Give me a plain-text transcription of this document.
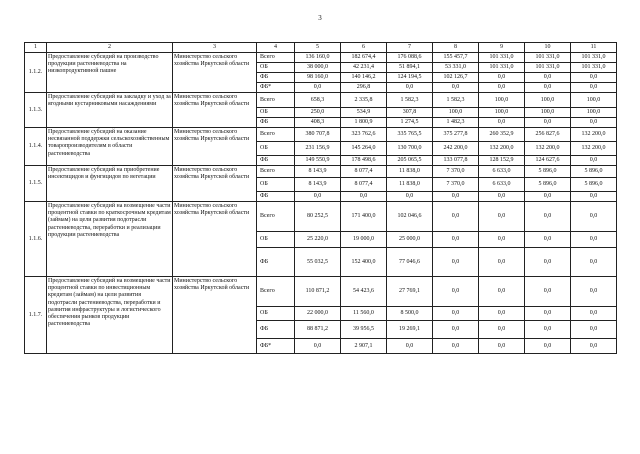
3
1	2	3	4	5	6	7	8	9	10	11
1.1.2.	Предоставление субсидий на производство продукции растениеводства на низкопродуктивной пашне	Министерство сельского хозяйства Иркутской области	Всего	136 160,0	182 674,4	176 088,6	155 457,7	101 331,0	101 331,0	101 331,0
			ОБ	38 000,0	42 231,4	51 894,1	53 331,0	101 331,0	101 331,0	101 331,0
			ФБ	98 160,0	140 146,2	124 194,5	102 126,7	0,0	0,0	0,0
			ФБ*	0,0	296,8	0,0	0,0	0,0	0,0	0,0
1.1.3.	Предоставление субсидий на закладку и уход за ягодными кустарниковыми насаждениями	Министерство сельского хозяйства Иркутской области	Всего	658,3	2 335,8	1 582,3	1 582,3	100,0	100,0	100,0
			ОБ	250,0	534,9	307,8	100,0	100,0	100,0	100,0
			ФБ	408,3	1 800,9	1 274,5	1 482,3	0,0	0,0	0,0
1.1.4.	Предоставление субсидий на оказание несвязанной поддержки сельскохозяйственным товаропроизводителям в области растениеводства	Министерство сельского хозяйства Иркутской области	Всего	380 707,8	323 762,6	335 765,5	375 277,8	260 352,9	256 827,6	132 200,0
			ОБ	231 156,9	145 264,0	130 700,0	242 200,0	132 200,0	132 200,0	132 200,0
			ФБ	149 550,9	178 498,6	205 065,5	133 077,8	128 152,9	124 627,6	0,0
1.1.5.	Предоставление субсидий на приобретение инсектицидов и фунгицидов по вегетации	Министерство сельского хозяйства Иркутской области	Всего	8 143,9	8 077,4	11 838,0	7 370,0	6 633,0	5 896,0	5 896,0
			ОБ	8 143,9	8 077,4	11 838,0	7 370,0	6 633,0	5 896,0	5 896,0
			ФБ	0,0	0,0	0,0	0,0	0,0	0,0	0,0
1.1.6.	Предоставление субсидий на возмещение части процентной ставки по краткосрочным кредитам (займам) на цели развития подотрасли растениеводства, переработки и реализации продукции растениеводства	Министерство сельского хозяйства Иркутской области	Всего	80 252,5	171 400,0	102 046,6	0,0	0,0	0,0	0,0
			ОБ	25 220,0	19 000,0	25 000,0	0,0	0,0	0,0	0,0
			ФБ	55 032,5	152 400,0	77 046,6	0,0	0,0	0,0	0,0
1.1.7.	Предоставление субсидий на возмещение части процентной ставки по инвестиционным кредитам (займам) на цели развития подотрасли растениеводства, переработки и развития инфраструктуры и логистического обеспечения рынков продукции растениеводства	Министерство сельского хозяйства Иркутской области	Всего	110 871,2	54 423,6	27 769,1	0,0	0,0	0,0	0,0
			ОБ	22 000,0	11 560,0	8 500,0	0,0	0,0	0,0	0,0
			ФБ	88 871,2	39 956,5	19 269,1	0,0	0,0	0,0	0,0
			ФБ*	0,0	2 907,1	0,0	0,0	0,0	0,0	0,0
